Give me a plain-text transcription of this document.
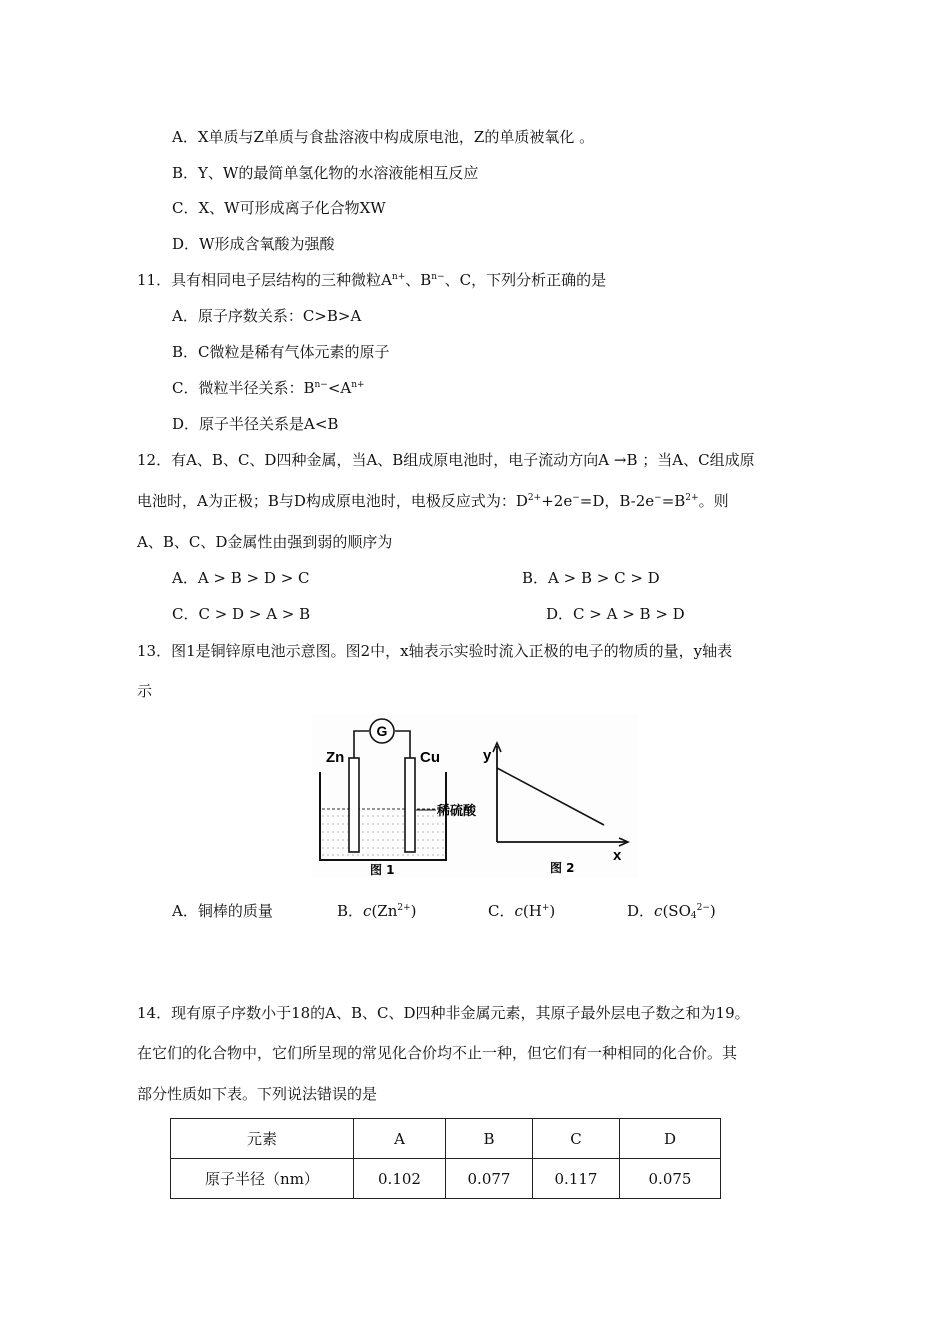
A．X单质与Z单质与食盐溶液中构成原电池，Z的单质被氧化 。
B．Y、W的最简单氢化物的水溶液能相互反应
C．X、W可形成离子化合物XW
D．W形成含氧酸为强酸
11．具有相同电子层结构的三种微粒$A^{n+}$、$B^{n-}$、C，下列分析正确的是
A．原子序数关系：C>B>A
B．C微粒是稀有气体元素的原子
C．微粒半径关系：$B^{n-}<A^{n+}$
D．原子半径关系是A<B
12．有A、B、C、D四种金属，当A、B组成原电池时，电子流动方向A →B ；当A、C组成原
电池时，A为正极；B与D构成原电池时，电极反应式为：$D^{2+}+2e^-=D$，$B-2e^-=B^{2+}$。则
A、B、C、D金属性由强到弱的顺序为
A．A > B > D > C	B．A > B > C > D
C．C > D > A > B	D．C > A > B > D
13．图1是铜锌原电池示意图。图2中，x轴表示实验时流入正极的电子的物质的量，y轴表
示
G
Zn	Cu
稀硫酸
图 1
y
x
图 2
A．铜棒的质量	B．$c(Zn^{2+})$	C．c(H+)	D．$c(SO_4^{2-})$
14．现有原子序数小于18的A、B、C、D四种非金属元素，其原子最外层电子数之和为19。
在它们的化合物中，它们所呈现的常见化合价均不止一种，但它们有一种相同的化合价。其
部分性质如下表。下列说法错误的是
元素	A	B	C	D
原子半径（nm）	0.102	0.077	0.117	0.075
